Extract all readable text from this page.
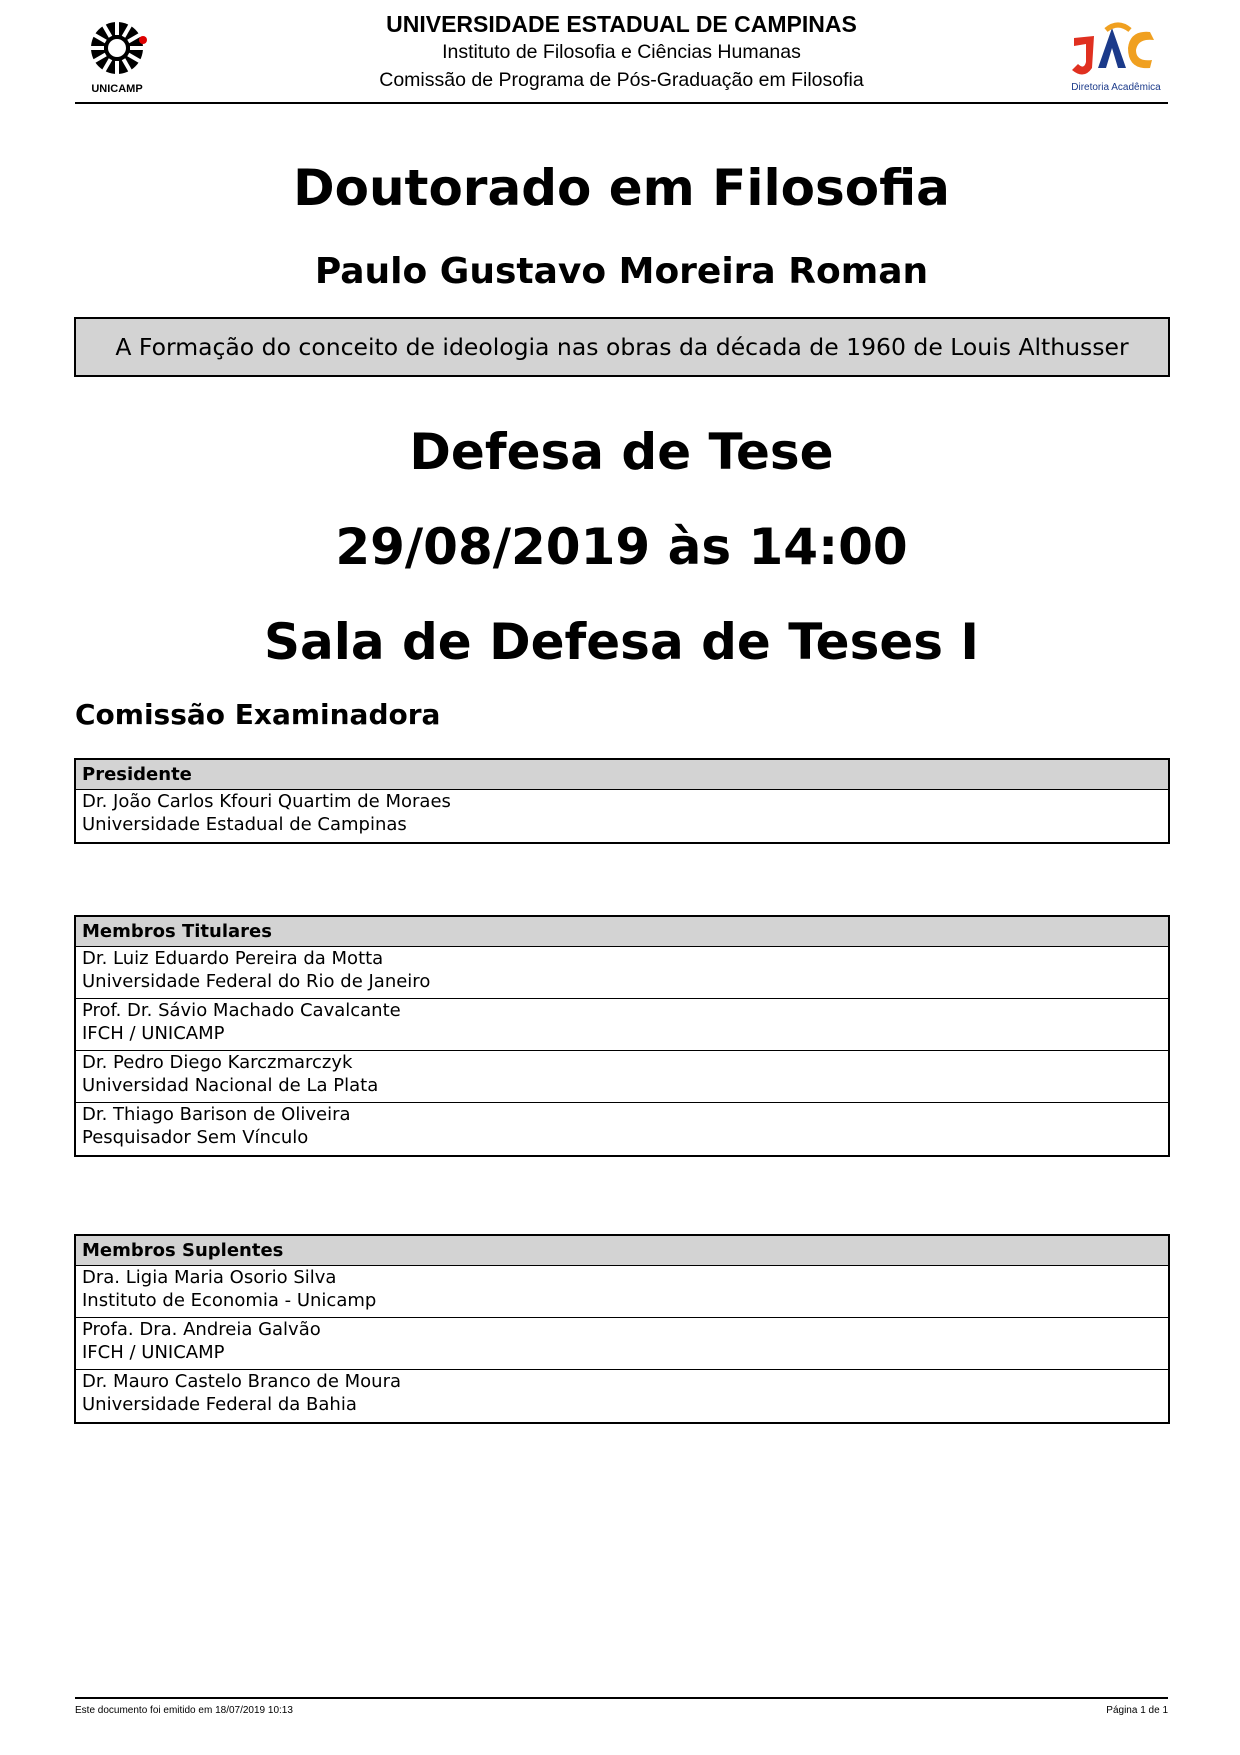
UNICAMP
UNIVERSIDADE ESTADUAL DE CAMPINAS
Instituto de Filosofia e Ciências Humanas
Comissão de Programa de Pós-Graduação em Filosofia	Diretoria Acadêmica
Doutorado em Filosofia
Paulo Gustavo Moreira Roman
A Formação do conceito de ideologia nas obras da década de 1960 de Louis Althusser
Defesa de Tese
29/08/2019 às 14:00
Sala de Defesa de Teses I
Comissão Examinadora
Presidente
Dr. João Carlos Kfouri Quartim de Moraes
Universidade Estadual de Campinas
Membros Titulares
Dr. Luiz Eduardo Pereira da Motta
Universidade Federal do Rio de Janeiro
Prof. Dr. Sávio Machado Cavalcante
IFCH / UNICAMP
Dr. Pedro Diego Karczmarczyk
Universidad Nacional de La Plata
Dr. Thiago Barison de Oliveira
Pesquisador Sem Vínculo
Membros Suplentes
Dra. Ligia Maria Osorio Silva
Instituto de Economia - Unicamp
Profa. Dra. Andreia Galvão
IFCH / UNICAMP
Dr. Mauro Castelo Branco de Moura
Universidade Federal da Bahia
Este documento foi emitido em 18/07/2019 10:13	Página 1 de 1
